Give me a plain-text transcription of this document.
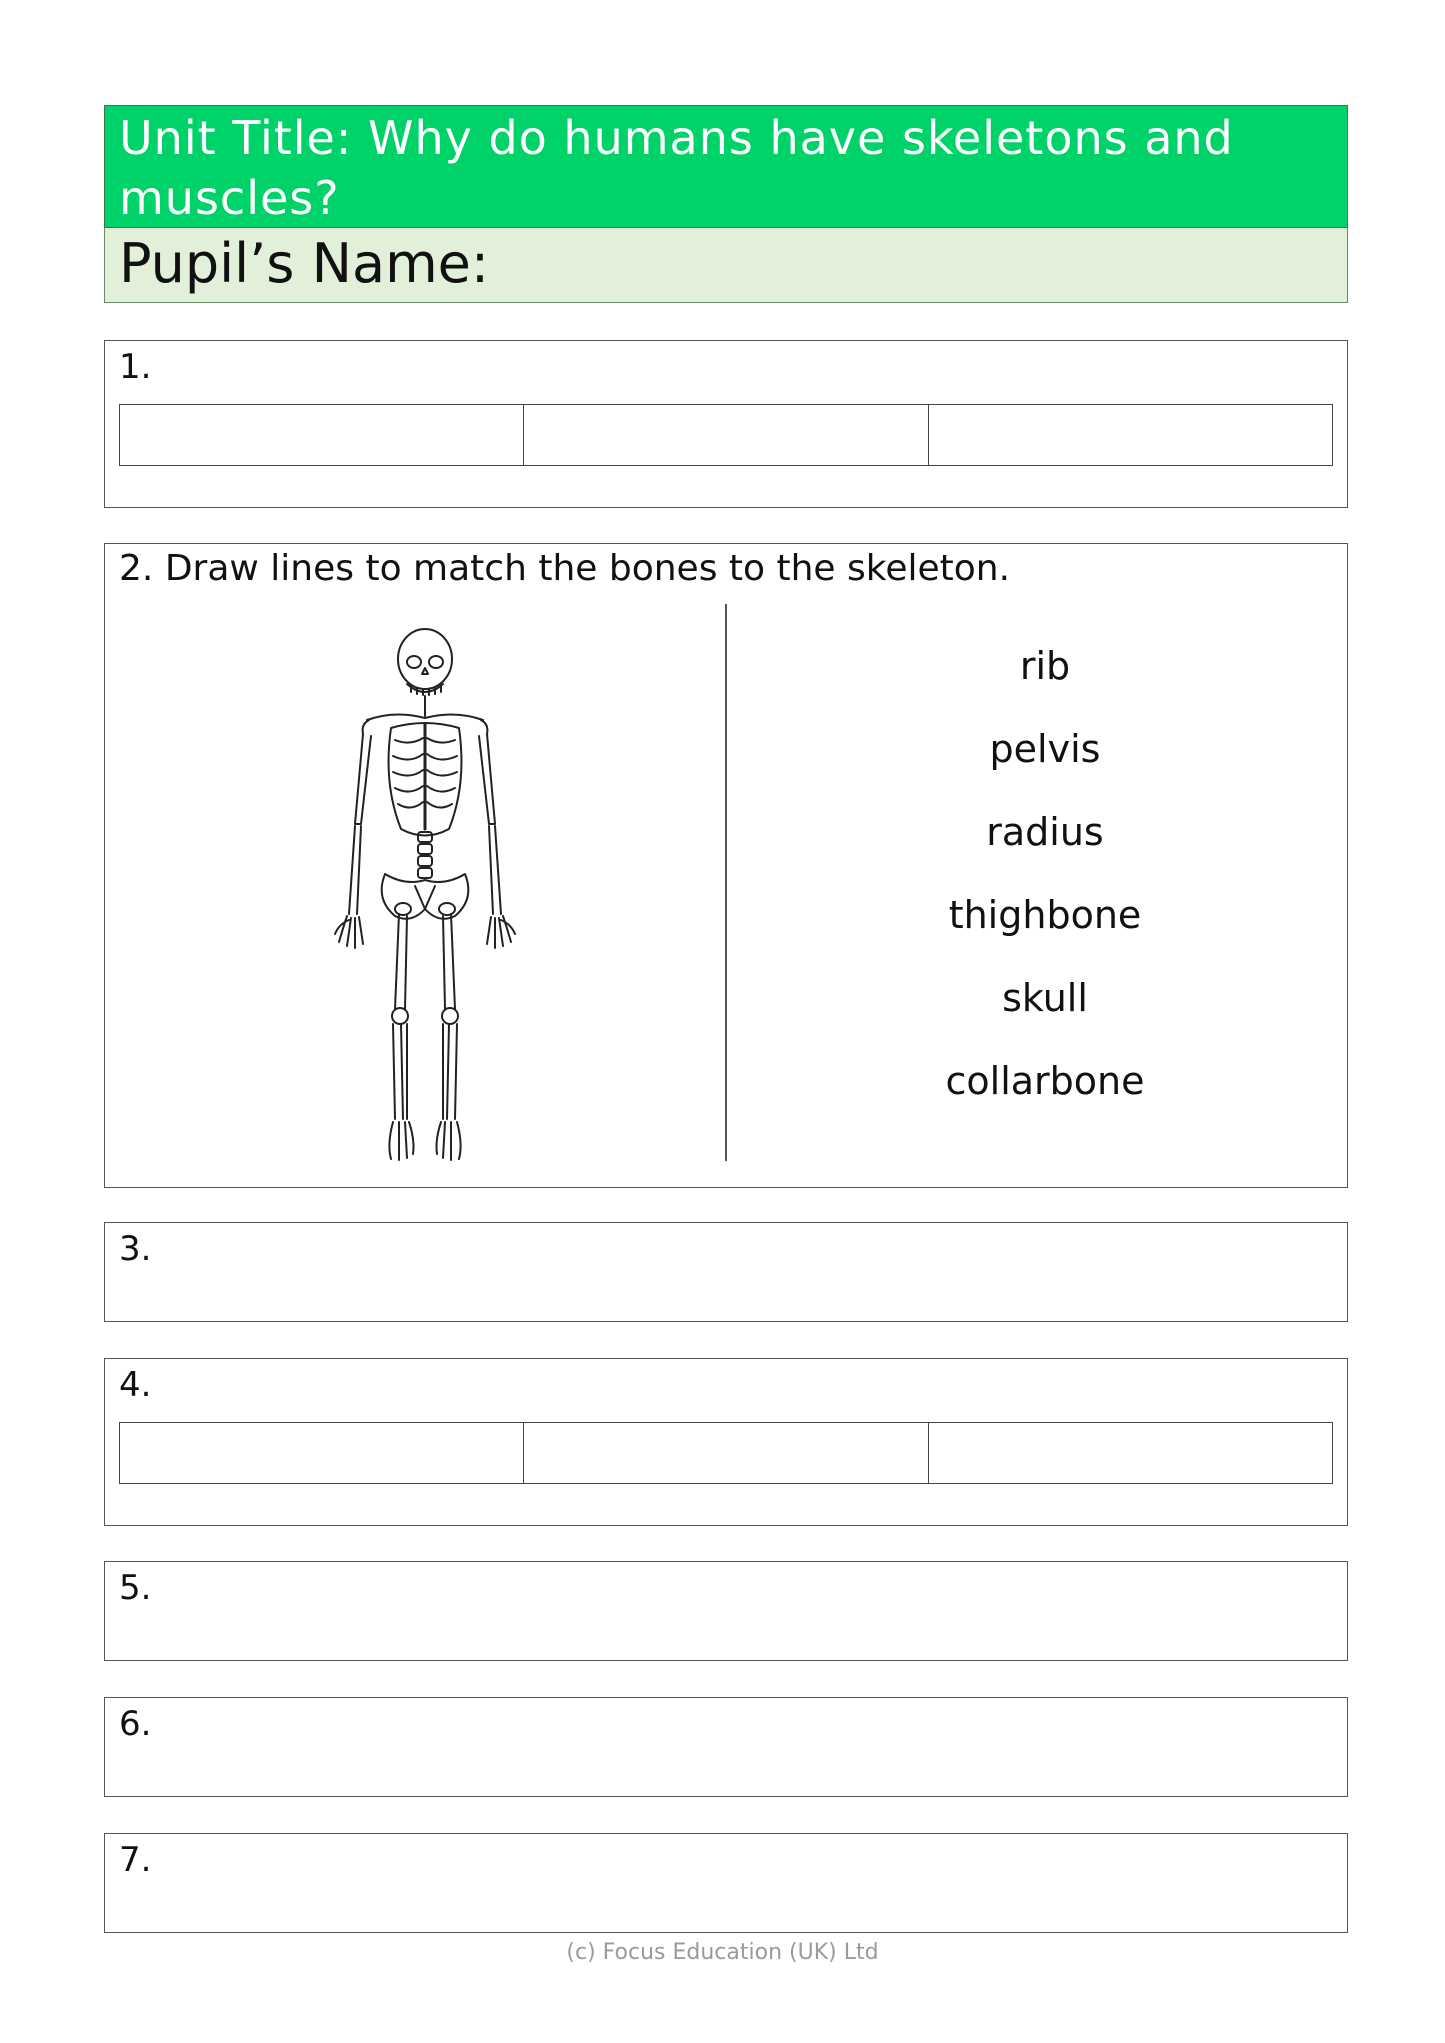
Unit Title: Why do humans have skeletons and muscles?
Pupil’s Name:
1.
2. Draw lines to match the bones to the skeleton.
rib
pelvis
radius
thighbone
skull
collarbone
3.
4.
5.
6.
7.
(c) Focus Education (UK) Ltd
